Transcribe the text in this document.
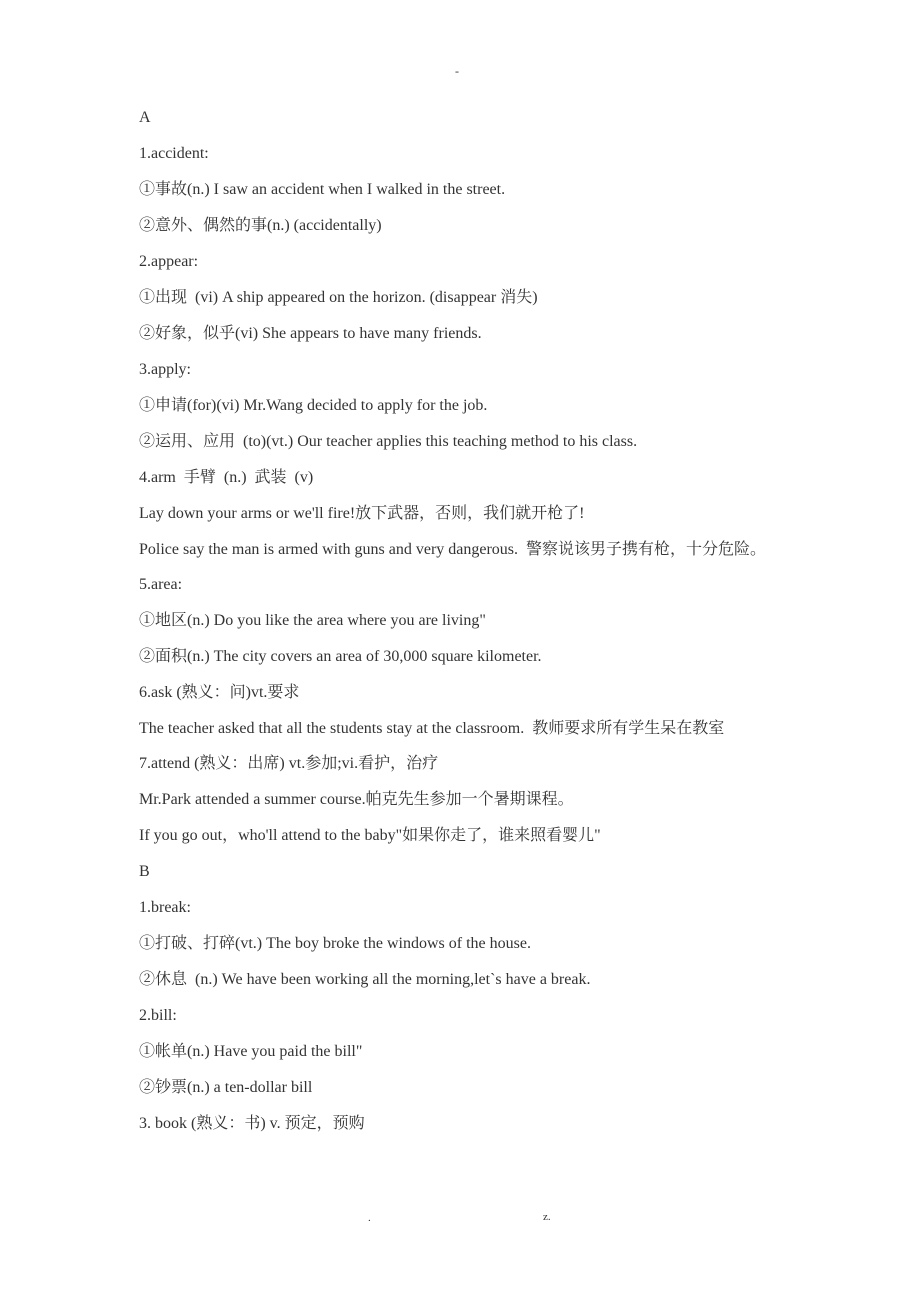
-
A
1.accident:
①事故(n.) I saw an accident when I walked in the street.
②意外、偶然的事(n.) (accidentally)
2.appear:
①出现  (vi) A ship appeared on the horizon. (disappear 消失)
②好象，似乎(vi) She appears to have many friends.
3.apply:
①申请(for)(vi) Mr.Wang decided to apply for the job.
②运用、应用  (to)(vt.) Our teacher applies this teaching method to his class.
4.arm  手臂  (n.)  武装  (v)
Lay down your arms or we'll fire!放下武器，否则，我们就开枪了!
Police say the man is armed with guns and very dangerous.  警察说该男子携有枪，十分危险。
5.area:
①地区(n.) Do you like the area where you are living"
②面积(n.) The city covers an area of 30,000 square kilometer.
6.ask (熟义：问)vt.要求
The teacher asked that all the students stay at the classroom.  教师要求所有学生呆在教室
7.attend (熟义：出席) vt.参加;vi.看护，治疗
Mr.Park attended a summer course.帕克先生参加一个暑期课程。
If you go out，who'll attend to the baby"如果你走了，谁来照看婴儿"
B
1.break:
①打破、打碎(vt.) The boy broke the windows of the house.
②休息  (n.) We have been working all the morning,let`s have a break.
2.bill:
①帐单(n.) Have you paid the bill"
②钞票(n.) a ten-dollar bill
3. book (熟义：书) v. 预定，预购
.	z.
